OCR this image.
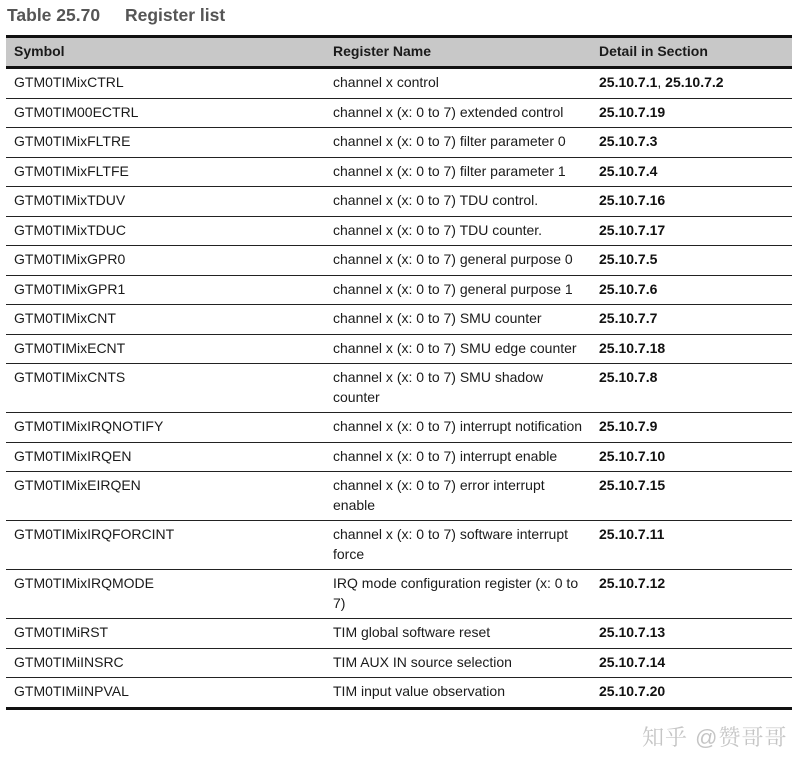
Table 25.70 Register list
Symbol	Register Name	Detail in Section
GTM0TIMixCTRL	channel x control	25.10.7.1, 25.10.7.2
GTM0TIM00ECTRL	channel x (x: 0 to 7) extended control	25.10.7.19
GTM0TIMixFLTRE	channel x (x: 0 to 7) filter parameter 0	25.10.7.3
GTM0TIMixFLTFE	channel x (x: 0 to 7) filter parameter 1	25.10.7.4
GTM0TIMixTDUV	channel x (x: 0 to 7) TDU control.	25.10.7.16
GTM0TIMixTDUC	channel x (x: 0 to 7) TDU counter.	25.10.7.17
GTM0TIMixGPR0	channel x (x: 0 to 7) general purpose 0	25.10.7.5
GTM0TIMixGPR1	channel x (x: 0 to 7) general purpose 1	25.10.7.6
GTM0TIMixCNT	channel x (x: 0 to 7) SMU counter	25.10.7.7
GTM0TIMixECNT	channel x (x: 0 to 7) SMU edge counter	25.10.7.18
GTM0TIMixCNTS	channel x (x: 0 to 7) SMU shadow counter	25.10.7.8
GTM0TIMixIRQNOTIFY	channel x (x: 0 to 7) interrupt notification	25.10.7.9
GTM0TIMixIRQEN	channel x (x: 0 to 7) interrupt enable	25.10.7.10
GTM0TIMixEIRQEN	channel x (x: 0 to 7) error interrupt enable	25.10.7.15
GTM0TIMixIRQFORCINT	channel x (x: 0 to 7) software interrupt force	25.10.7.11
GTM0TIMixIRQMODE	IRQ mode configuration register (x: 0 to 7)	25.10.7.12
GTM0TIMiRST	TIM global software reset	25.10.7.13
GTM0TIMiINSRC	TIM AUX IN source selection	25.10.7.14
GTM0TIMiINPVAL	TIM input value observation	25.10.7.20
知乎 @赞哥哥
